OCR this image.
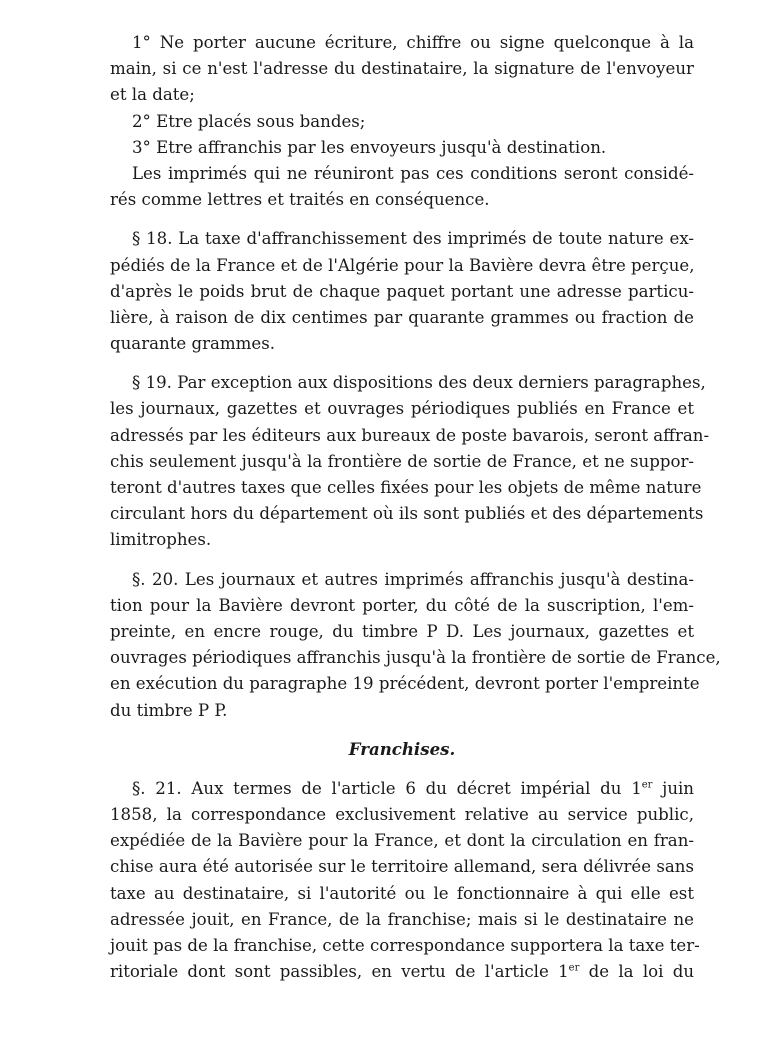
1° Ne porter aucune écriture, chiffre ou signe quelconque à la
main, si ce n'est l'adresse du destinataire, la signature de l'envoyeur
et la date;
2° Etre placés sous bandes;
3° Etre affranchis par les envoyeurs jusqu'à destination.
Les imprimés qui ne réuniront pas ces conditions seront considé-
rés comme lettres et traités en conséquence.
§ 18. La taxe d'affranchissement des imprimés de toute nature ex-
pédiés de la France et de l'Algérie pour la Bavière devra être perçue,
d'après le poids brut de chaque paquet portant une adresse particu-
lière, à raison de dix centimes par quarante grammes ou fraction de
quarante grammes.
§ 19. Par exception aux dispositions des deux derniers paragraphes,
les journaux, gazettes et ouvrages périodiques publiés en France et
adressés par les éditeurs aux bureaux de poste bavarois, seront affran-
chis seulement jusqu'à la frontière de sortie de France, et ne suppor-
teront d'autres taxes que celles fixées pour les objets de même nature
circulant hors du département où ils sont publiés et des départements
limitrophes.
§. 20. Les journaux et autres imprimés affranchis jusqu'à destina-
tion pour la Bavière devront porter, du côté de la suscription, l'em-
preinte, en encre rouge, du timbre P D. Les journaux, gazettes et
ouvrages périodiques affranchis jusqu'à la frontière de sortie de France,
en exécution du paragraphe 19 précédent, devront porter l'empreinte
du timbre P P.
Franchises.
§. 21. Aux termes de l'article 6 du décret impérial du 1er juin
1858, la correspondance exclusivement relative au service public,
expédiée de la Bavière pour la France, et dont la circulation en fran-
chise aura été autorisée sur le territoire allemand, sera délivrée sans
taxe au destinataire, si l'autorité ou le fonctionnaire à qui elle est
adressée jouit, en France, de la franchise; mais si le destinataire ne
jouit pas de la franchise, cette correspondance supportera la taxe ter-
ritoriale dont sont passibles, en vertu de l'article 1er de la loi du
